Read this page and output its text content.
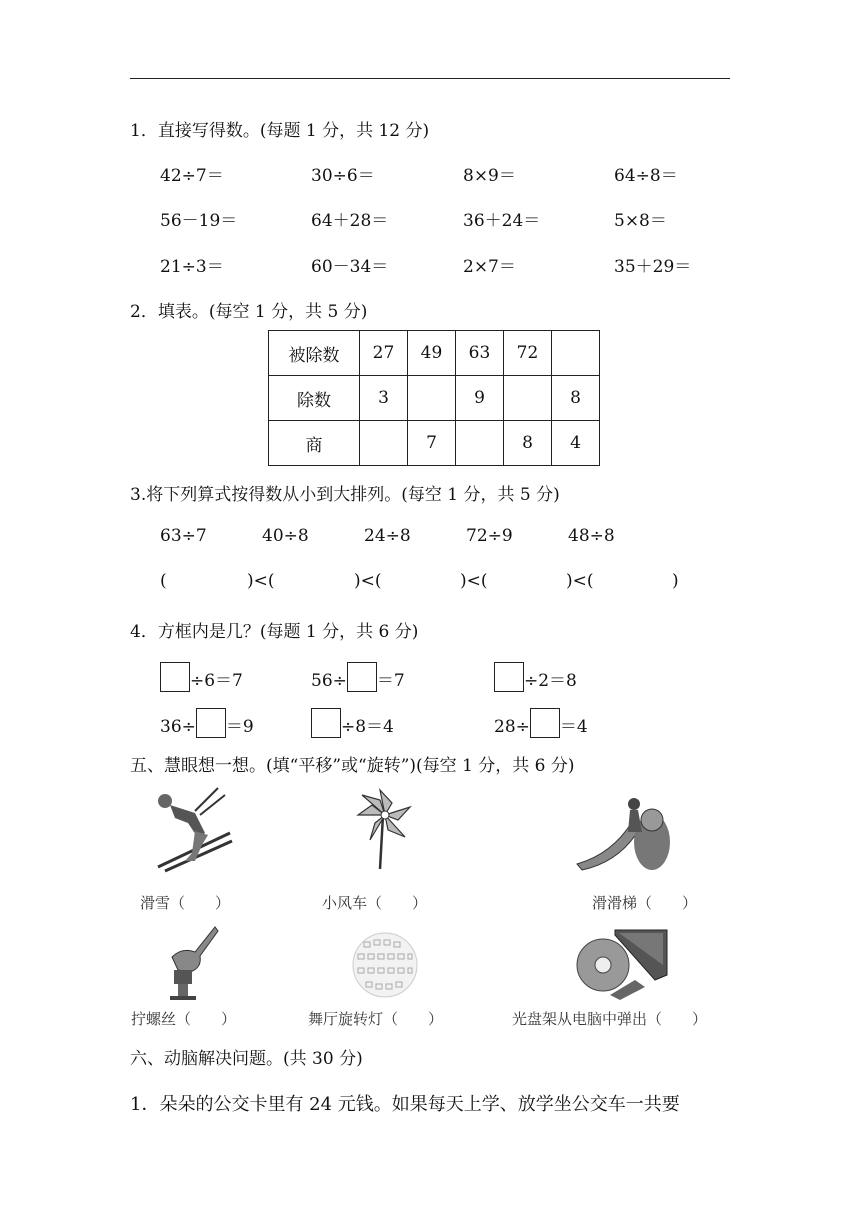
1．直接写得数。(每题 1 分，共 12 分)
42÷7＝	30÷6＝	8×9＝	64÷8＝
56－19＝	64＋28＝	36＋24＝	5×8＝
21÷3＝	60－34＝	2×7＝	35＋29＝
2．填表。(每空 1 分，共 5 分)
被除数	27	49	63	72	
除数	3		9		8
商		7		8	4
3.将下列算式按得数从小到大排列。(每空 1 分，共 5 分)
63÷7	40÷8	24÷8	72÷9	48÷8
(	)<(	)<(	)<(	)<(	)
4．方框内是几？(每题 1 分，共 6 分)
÷6＝7	56÷ ＝7	÷2＝8
36÷ ＝9	÷8＝4	28÷ ＝4
五、慧眼想一想。(填“平移”或“旋转”)(每空 1 分，共 6 分)
滑雪（　　）	小风车（　　）	滑滑梯（　　）
拧螺丝（　　）	舞厅旋转灯（　　）	光盘架从电脑中弹出（　　）
六、动脑解决问题。(共 30 分)
1．朵朵的公交卡里有 24 元钱。如果每天上学、放学坐公交车一共要
